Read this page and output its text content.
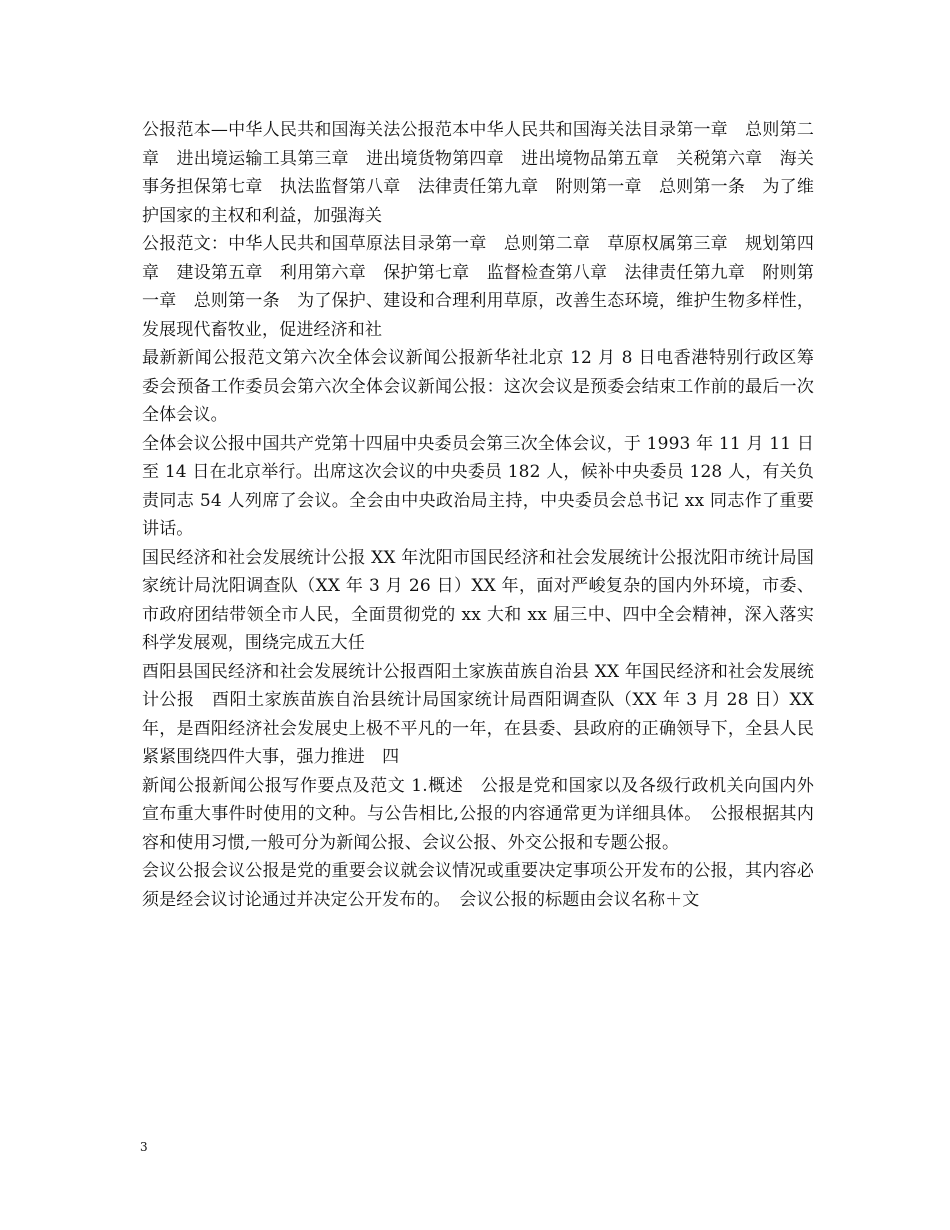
公报范本—中华人民共和国海关法公报范本中华人民共和国海关法目录第一章　总则第二章　进出境运输工具第三章　进出境货物第四章　进出境物品第五章　关税第六章　海关事务担保第七章　执法监督第八章　法律责任第九章　附则第一章　总则第一条　为了维护国家的主权和利益，加强海关

公报范文：中华人民共和国草原法目录第一章　总则第二章　草原权属第三章　规划第四章　建设第五章　利用第六章　保护第七章　监督检查第八章　法律责任第九章　附则第一章　总则第一条　为了保护、建设和合理利用草原，改善生态环境，维护生物多样性，发展现代畜牧业，促进经济和社

最新新闻公报范文第六次全体会议新闻公报新华社北京 12 月 8 日电香港特别行政区筹委会预备工作委员会第六次全体会议新闻公报：这次会议是预委会结束工作前的最后一次全体会议。

全体会议公报中国共产党第十四届中央委员会第三次全体会议，于 1993 年 11 月 11 日至 14 日在北京举行。出席这次会议的中央委员 182 人，候补中央委员 128 人，有关负责同志 54 人列席了会议。全会由中央政治局主持，中央委员会总书记 xx 同志作了重要讲话。

国民经济和社会发展统计公报 XX 年沈阳市国民经济和社会发展统计公报沈阳市统计局国家统计局沈阳调查队（XX 年 3 月 26 日）XX 年，面对严峻复杂的国内外环境，市委、市政府团结带领全市人民，全面贯彻党的 xx 大和 xx 届三中、四中全会精神，深入落实科学发展观，围绕完成五大任

酉阳县国民经济和社会发展统计公报酉阳土家族苗族自治县 XX 年国民经济和社会发展统计公报　酉阳土家族苗族自治县统计局国家统计局酉阳调查队（XX 年 3 月 28 日）XX 年，是酉阳经济社会发展史上极不平凡的一年，在县委、县政府的正确领导下，全县人民紧紧围绕四件大事，强力推进　四

新闻公报新闻公报写作要点及范文 1.概述　公报是党和国家以及各级行政机关向国内外宣布重大事件时使用的文种。与公告相比,公报的内容通常更为详细具体。　公报根据其内容和使用习惯,一般可分为新闻公报、会议公报、外交公报和专题公报。

会议公报会议公报是党的重要会议就会议情况或重要决定事项公开发布的公报，其内容必须是经会议讨论通过并决定公开发布的。　会议公报的标题由会议名称＋文

3
